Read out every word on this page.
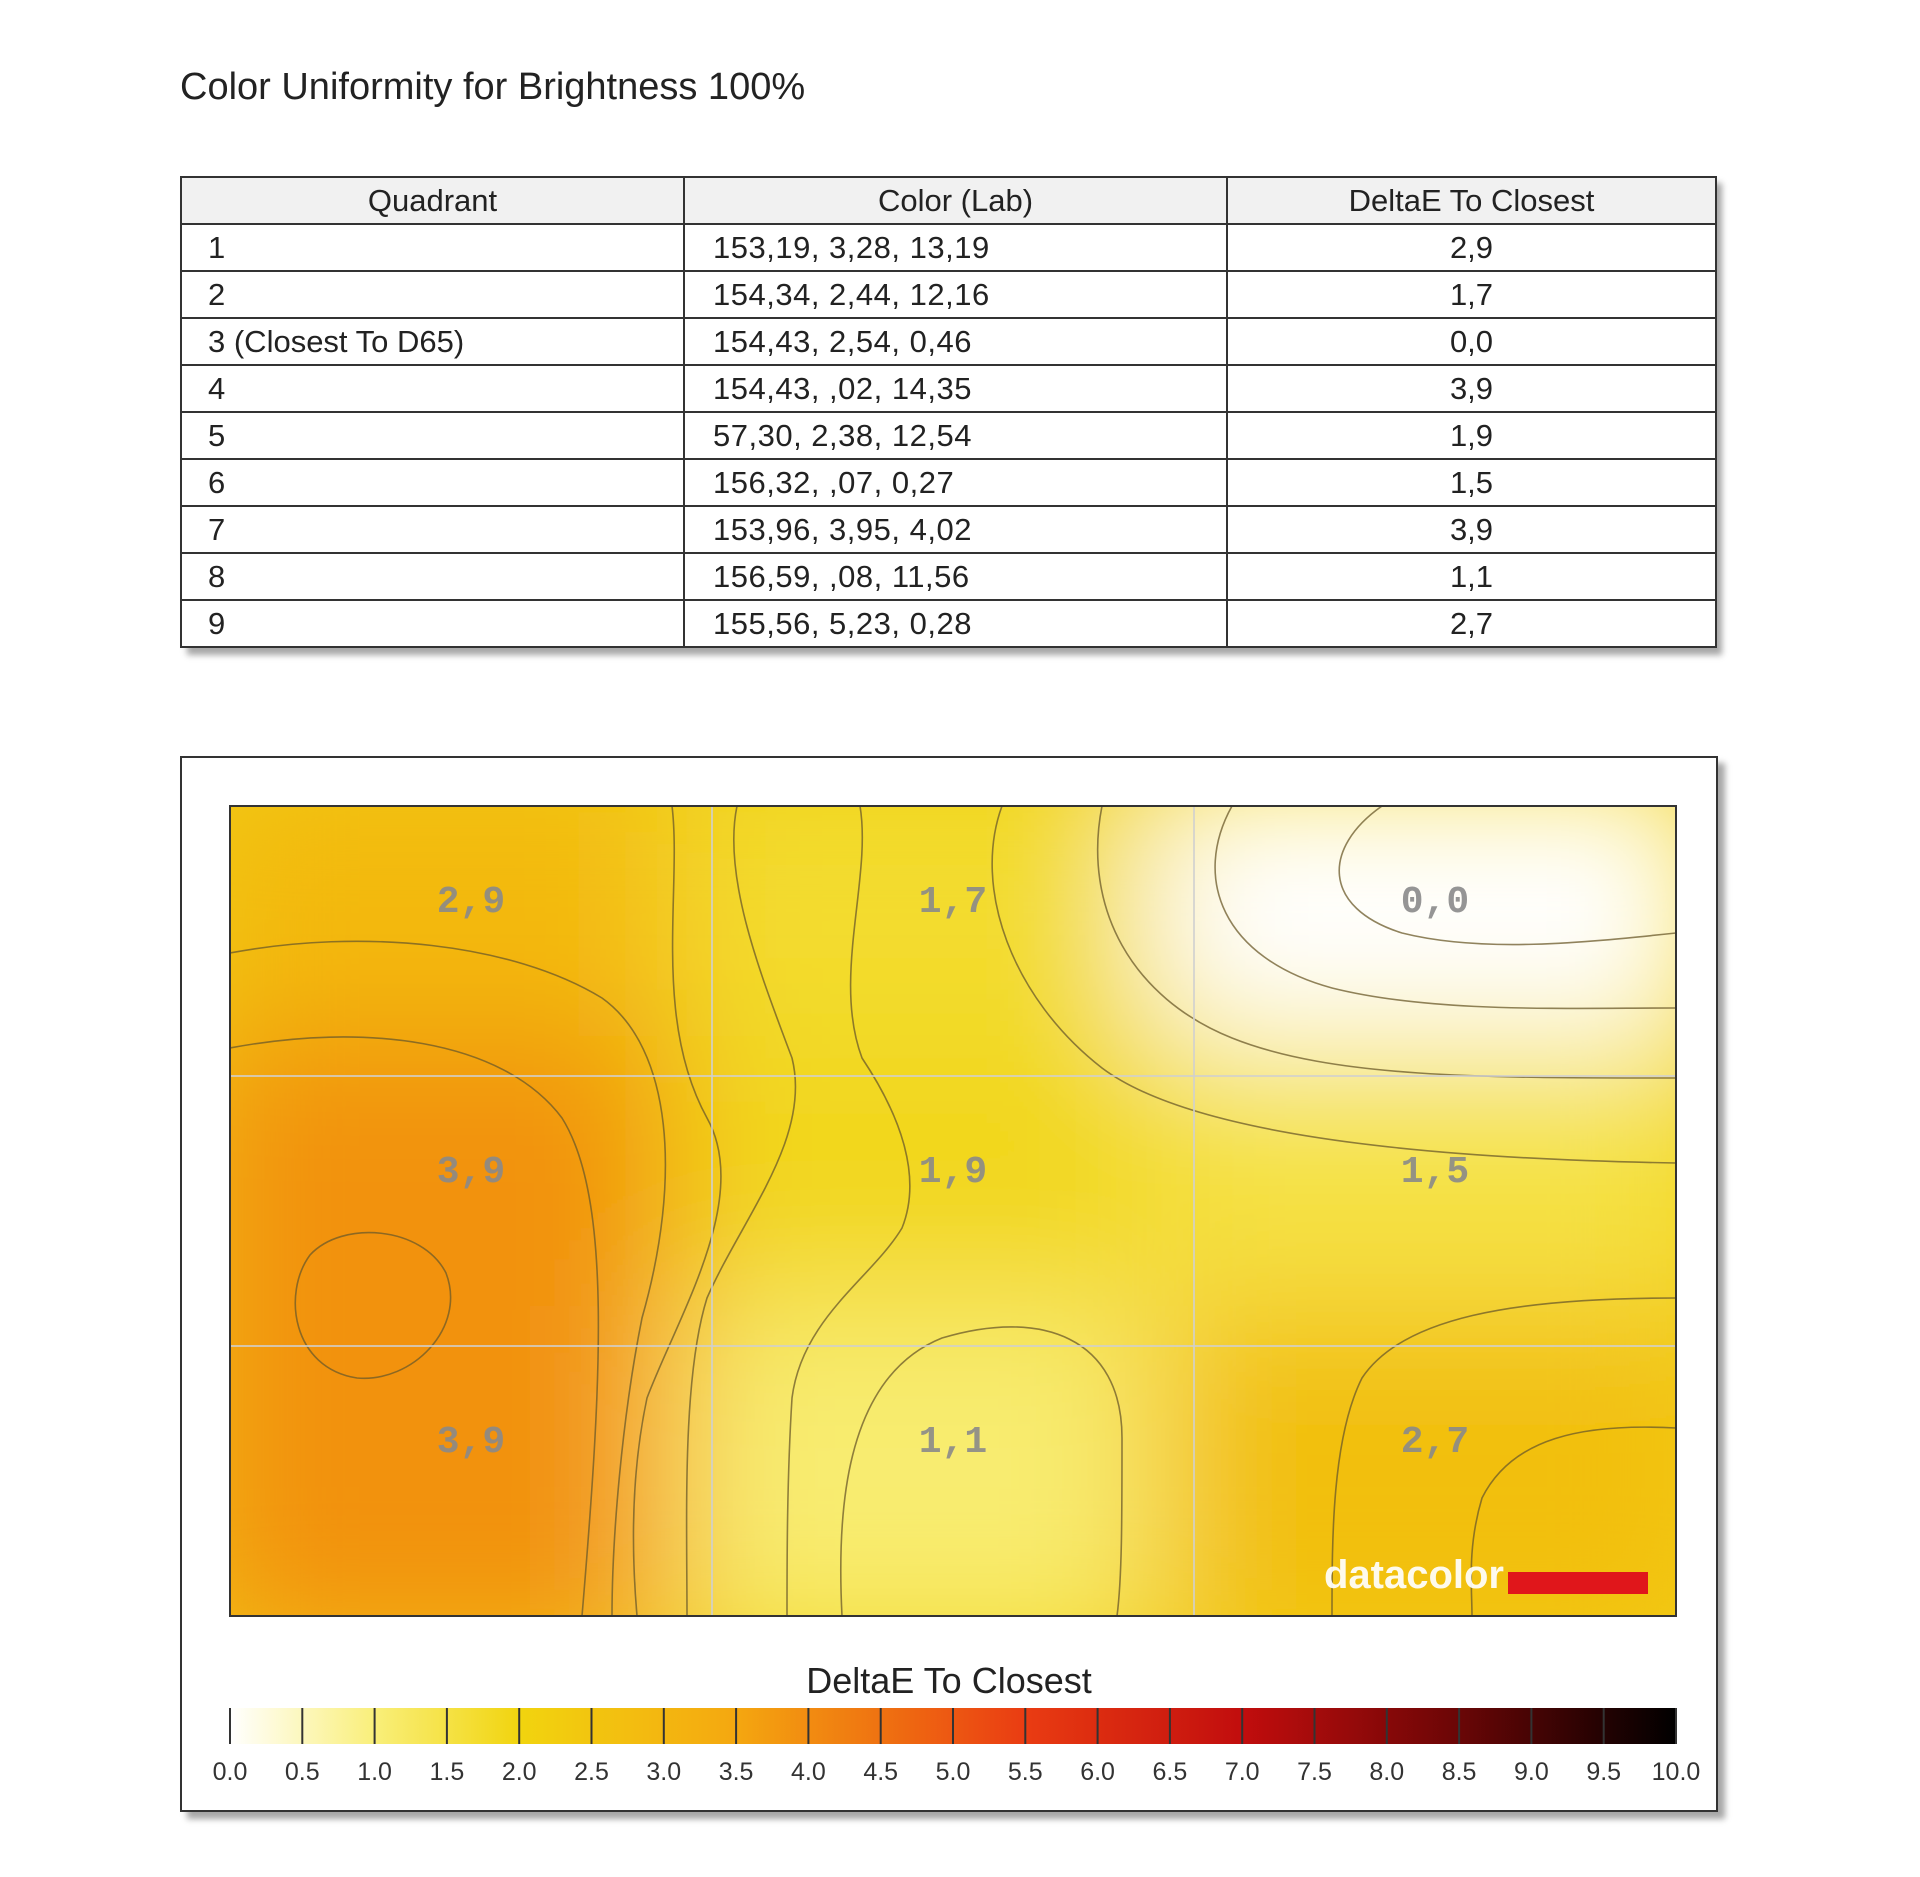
Color Uniformity for Brightness 100%
Quadrant	Color (Lab)	DeltaE To Closest
1	153,19, 3,28, 13,19	2,9
2	154,34, 2,44, 12,16	1,7
3 (Closest To D65)	154,43, 2,54, 0,46	0,0
4	154,43, ,02, 14,35	3,9
5	57,30, 2,38, 12,54	1,9
6	156,32, ,07, 0,27	1,5
7	153,96, 3,95, 4,02	3,9
8	156,59, ,08, 11,56	1,1
9	155,56, 5,23, 0,28	2,7
2,9	1,7	0,0
3,9	1,9	1,5
3,9	1,1	2,7
datacolor
DeltaE To Closest
0.0 0.5 1.0 1.5 2.0 2.5 3.0 3.5 4.0 4.5 5.0 5.5 6.0 6.5 7.0 7.5 8.0 8.5 9.0 9.5 10.0
